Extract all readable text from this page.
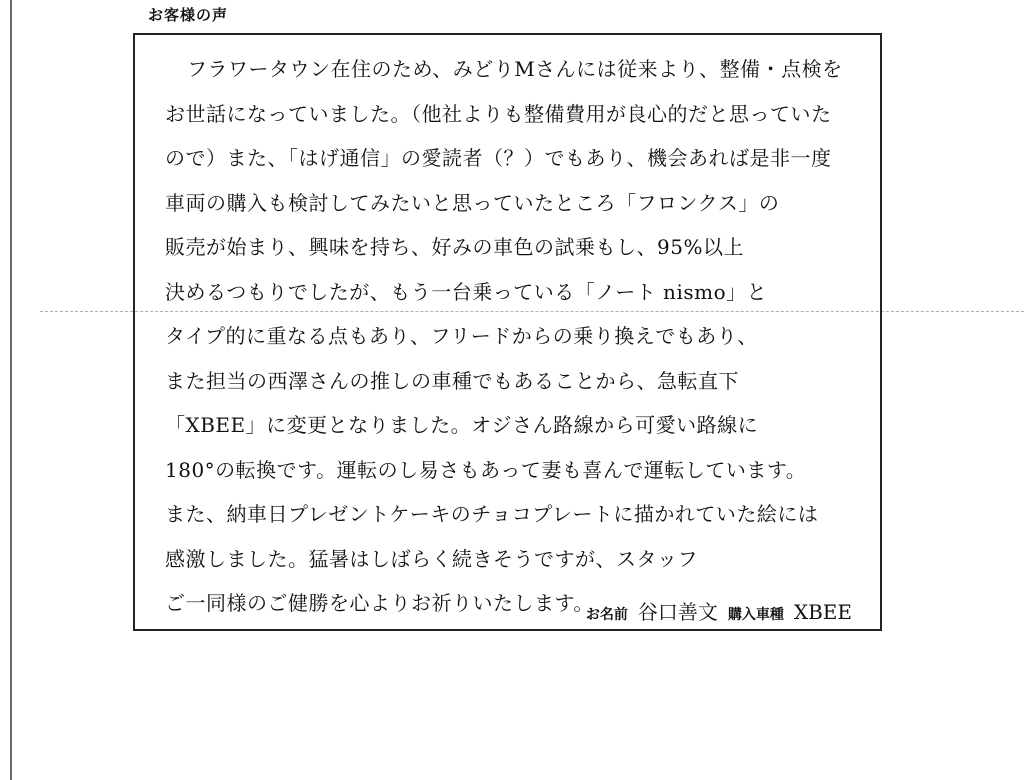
お客様の声
フラワータウン在住のため、みどりMさんには従来より、整備・点検を
お世話になっていました。（他社よりも整備費用が良心的だと思っていた
ので）また、「はげ通信」の愛読者（？）でもあり、機会あれば是非一度
車両の購入も検討してみたいと思っていたところ「フロンクス」の
販売が始まり、興味を持ち、好みの車色の試乗もし、95%以上
決めるつもりでしたが、もう一台乗っている「ノート nismo」と
タイプ的に重なる点もあり、フリードからの乗り換えでもあり、
また担当の西澤さんの推しの車種でもあることから、急転直下
「XBEE」に変更となりました。オジさん路線から可愛い路線に
180°の転換です。運転のし易さもあって妻も喜んで運転しています。
また、納車日プレゼントケーキのチョコプレートに描かれていた絵には
感激しました。猛暑はしばらく続きそうですが、スタッフ
ご一同様のご健勝を心よりお祈りいたします。
お名前 谷口善文 購入車種 XBEE
